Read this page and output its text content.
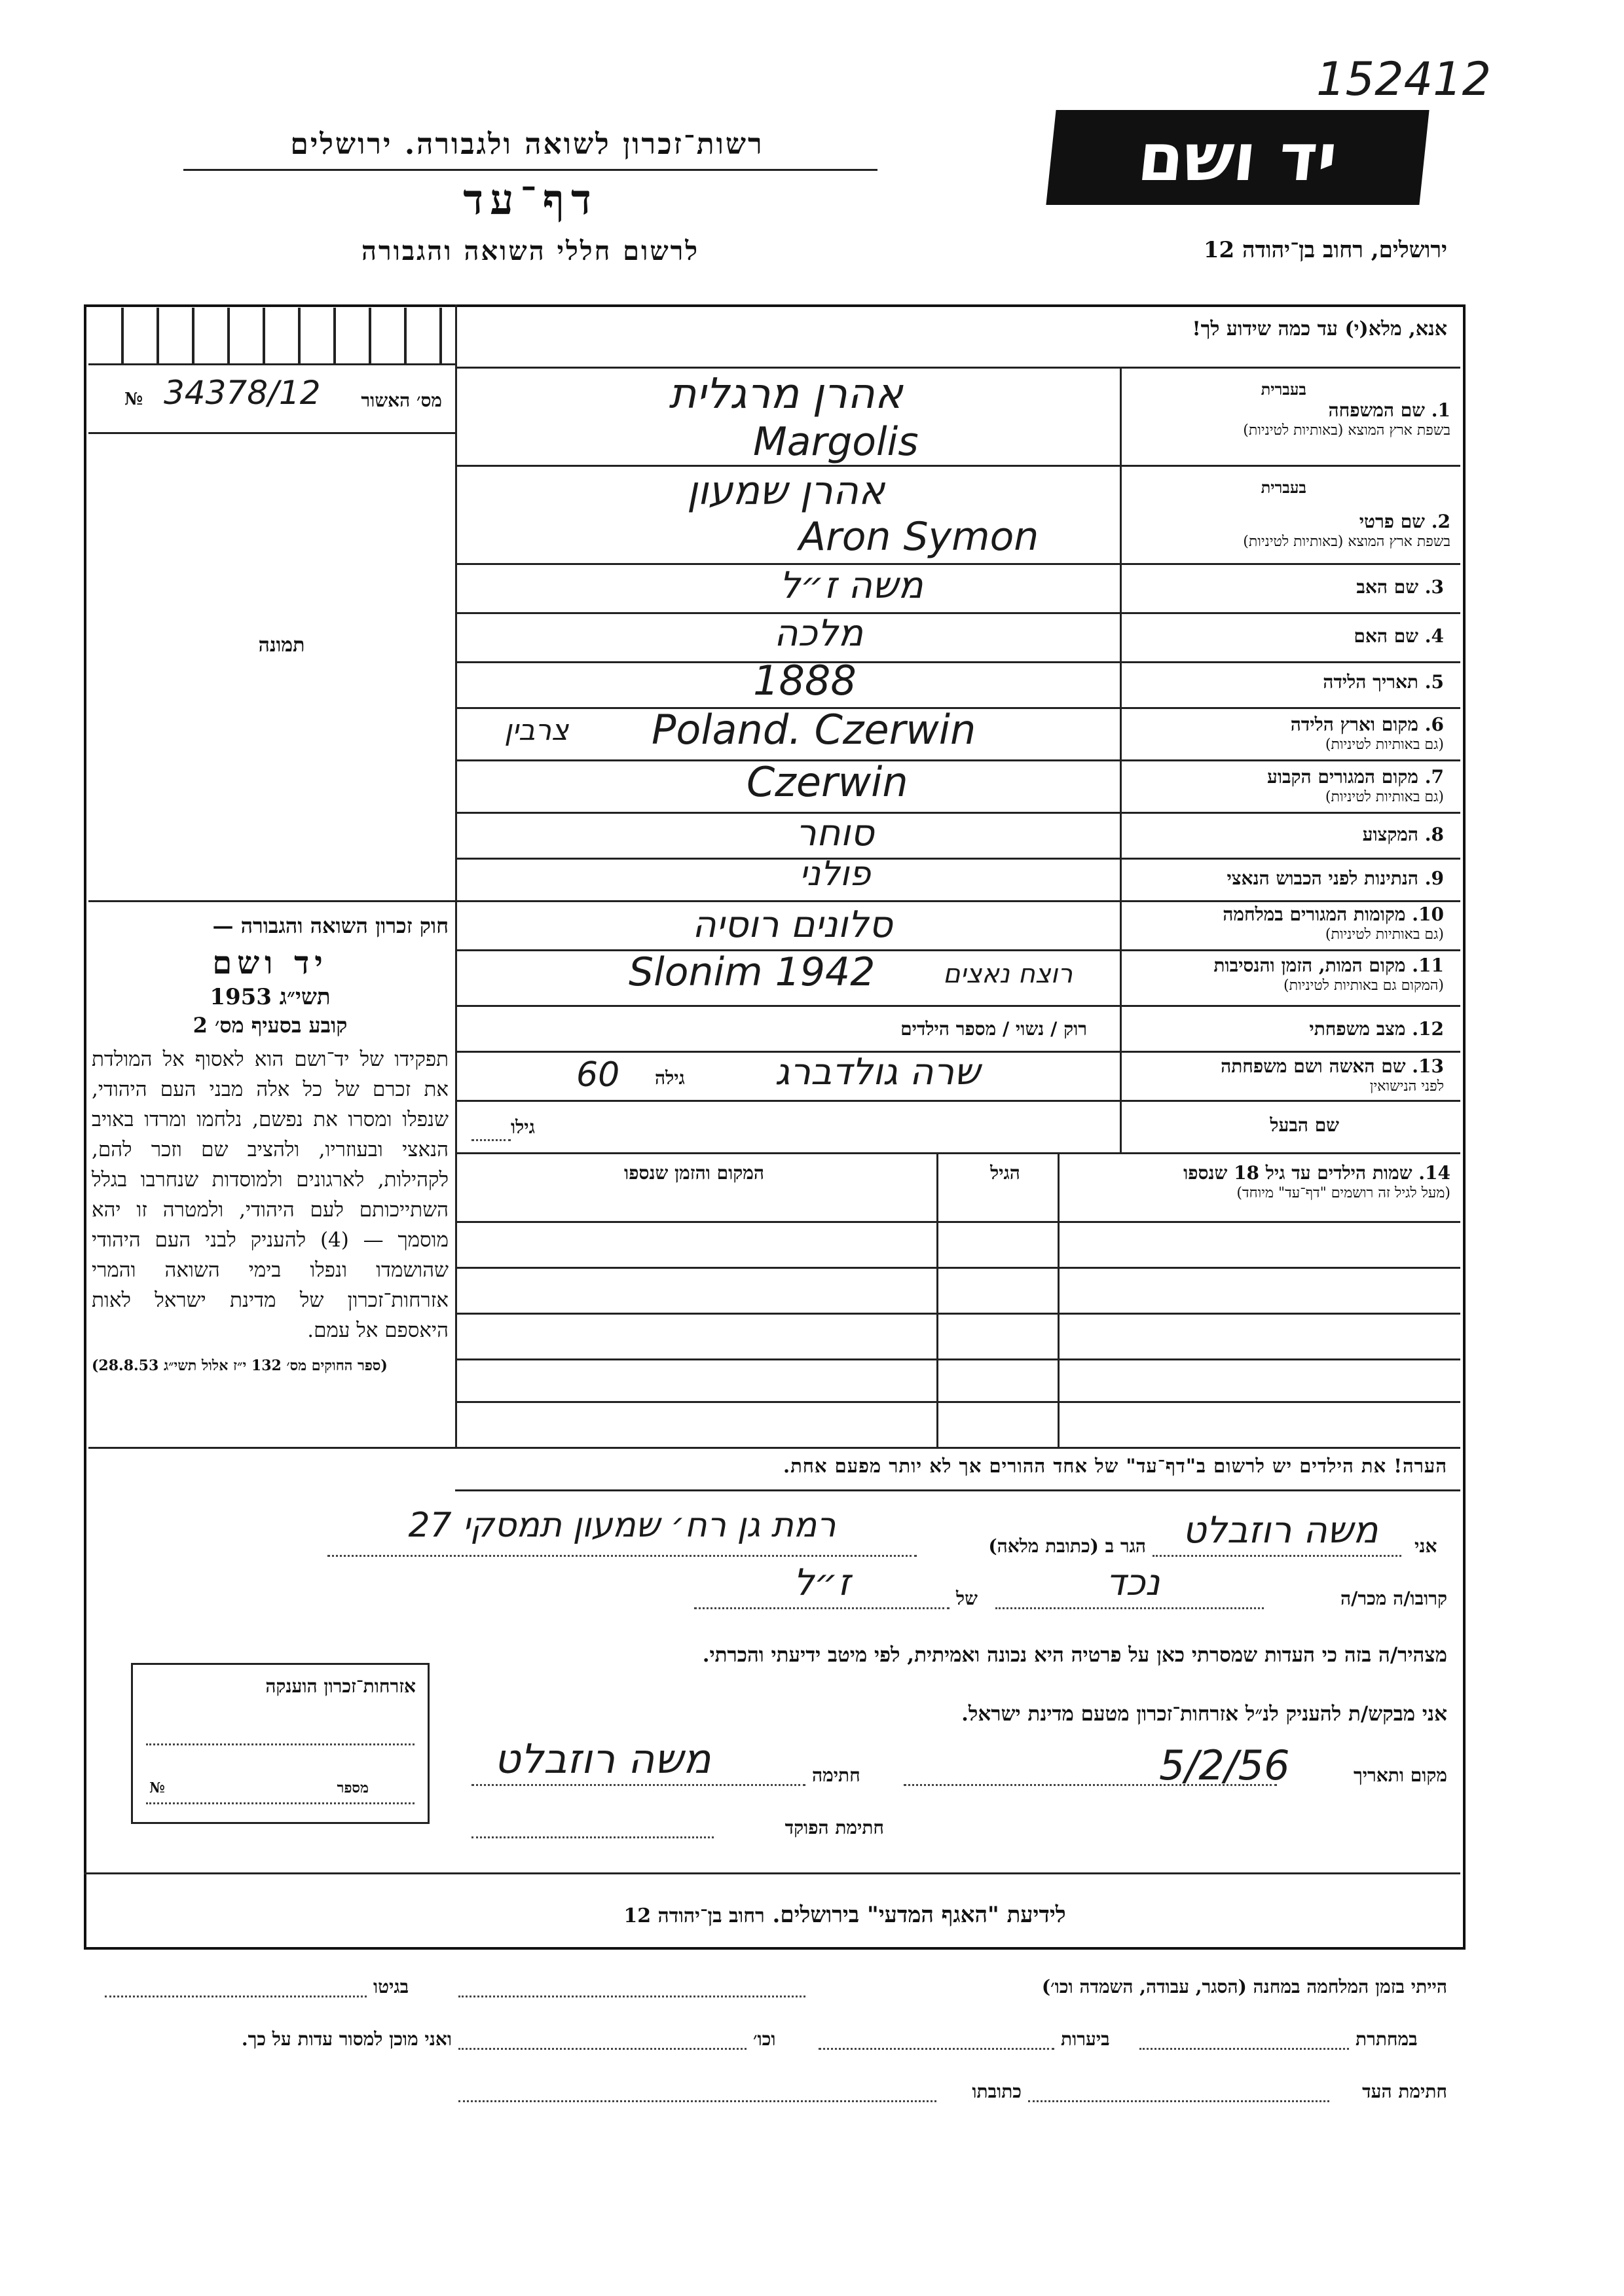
152412
רשות־זכרון לשואה ולגבורה. ירושלים
דף־עד
לרשום חללי השואה והגבורה
יד ושם
ירושלים, רחוב בן־יהודה 12
אנא, מלא(י) עד כמה שידוע לך!
№ 34378/12 מס׳ האשור
תמונה
חוק זכרון השואה והגבורה —
יד ושם
תשי״ג 1953
קובע בסעיף מס׳ 2
תפקידו של יד־ושם הוא לאסוף אל המולדת את זכרם של כל אלה מבני העם היהודי, שנפלו ומסרו את נפשם, נלחמו ומרדו באויב הנאצי ובעוזריו, ולהציב שם וזכר להם, לקהילות, לארגונים ולמוסדות שנחרבו בגלל השתייכותם לעם היהודי, ולמטרה זו יהא מוסמך — (4) להעניק לבני העם היהודי שהושמדו ונפלו בימי השואה והמרי אזרחות־זכרון של מדינת ישראל לאות היאספם אל עמם.
(ספר החוקים מס׳ 132 י״ז אלול תשי״ג 28.8.53)
בעברית
1. שם המשפחה
בשפת ארץ המוצא (באותיות לטיניות)
אהרן מרגלית
Margolis
בעברית
2. שם פרטי
בשפת ארץ המוצא (באותיות לטיניות)
אהרן שמעון
Aron Symon
3. שם האב
משה ז״ל
4. שם האם
מלכה
5. תאריך הלידה
1888
6. מקום וארץ הלידה
(גם באותיות לטיניות)
Poland. Czerwin
צרבין
7. מקום המגורים הקבוע
(גם באותיות לטיניות)
Czerwin
8. המקצוע
סוחר
9. הנתינות לפני הכבוש הנאצי
פולני
10. מקומות המגורים במלחמה
(גם באותיות לטיניות)
סלונים רוסיה
11. מקום המות, הזמן והנסיבות
(המקום גם באותיות לטיניות)
Slonim 1942	רוצח נאצים
12. מצב משפחתי
רוק / נשוי / מספר הילדים
13. שם האשה ושם משפחתה
לפני הנישואין
שרה גולדברג
גילה
60
שם הבעל
גילו
14. שמות הילדים עד גיל 18 שנספו
(מעל לגיל זה רושמים "דף־עד" מיוחד)
הגיל
המקום והזמן שנספו
הערה! את הילדים יש לרשום ב"דף־עד" של אחד ההורים אך לא יותר מפעם אחת.
אני
משה רוזבלט
הגר ב (כתובת מלאה)
רמת גן רח׳ שמעון תמסקי 27
קרובו/ה מכר/ה
נכד
של
ז״ל
מצהיר/ה בזה כי העדות שמסרתי כאן על פרטיה היא נכונה ואמיתית, לפי מיטב ידיעתי והכרתי.
אני מבקש/ת להעניק לנ״ל אזרחות־זכרון מטעם מדינת ישראל.
מקום ותאריך
5/2/56
חתימה
משה רוזבלט
חתימת הפוקד
אזרחות־זכרון הוענקה
מספר
№
לידיעת "האגף המדעי" בירושלים. רחוב בן־יהודה 12
הייתי בזמן המלחמה במחנה (הסגר, עבודה, השמדה וכו׳)
בגיטו
במחתרת
ביערות
וכו׳
ואני מוכן למסור עדות על כך.
חתימת העד
כתובתו
